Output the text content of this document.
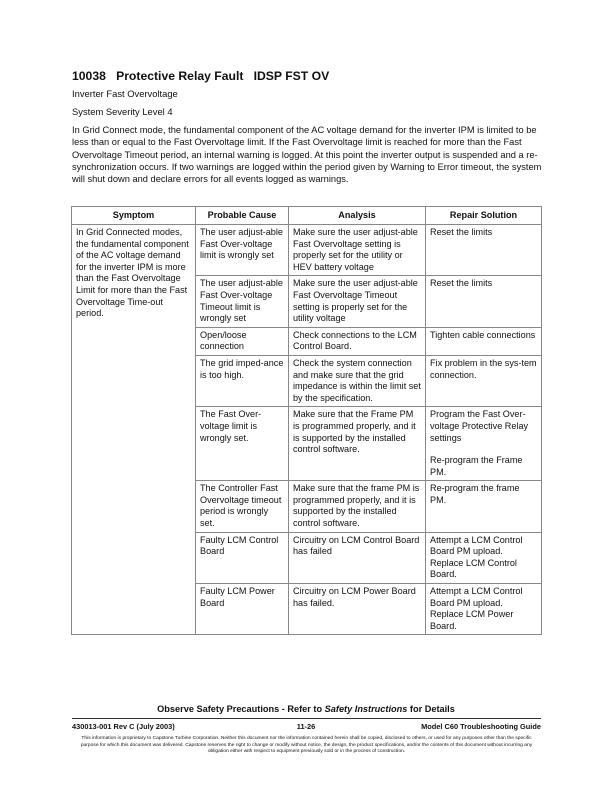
10038 Protective Relay Fault IDSP FST OV
Inverter Fast Overvoltage
System Severity Level 4
In Grid Connect mode, the fundamental component of the AC voltage demand for the inverter IPM is limited to be less than or equal to the Fast Overvoltage limit. If the Fast Overvoltage limit is reached for more than the Fast Overvoltage Timeout period, an internal warning is logged. At this point the inverter output is suspended and a re-synchronization occurs. If two warnings are logged within the period given by Warning to Error timeout, the system will shut down and declare errors for all events logged as warnings.
Symptom	Probable Cause	Analysis	Repair Solution
In Grid Connected modes, the fundamental component of the AC voltage demand for the inverter IPM is more than the Fast Overvoltage Limit for more than the Fast Overvoltage Time-out period.	The user adjust-able Fast Over-voltage limit is wrongly set	Make sure the user adjust-able Fast Overvoltage setting is properly set for the utility or HEV battery voltage	Reset the limits

	The user adjust-able Fast Over-voltage Timeout limit is wrongly set	Make sure the user adjust-able Fast Overvoltage Timeout setting is properly set for the utility voltage	Reset the limits

	Open/loose connection	Check connections to the LCM Control Board.	Tighten cable connections

	The grid imped-ance is too high.	Check the system connection and make sure that the grid impedance is within the limit set by the specification.	Fix problem in the sys-tem connection.

	The Fast Over-voltage limit is wrongly set.	Make sure that the Frame PM is programmed properly, and it is supported by the installed control software.	Program the Fast Over-voltage Protective Relay settings
Re-program the Frame PM.

	The Controller Fast Overvoltage timeout period is wrongly set.	Make sure that the frame PM is programmed properly, and it is supported by the installed control software.	Re-program the frame PM.

	Faulty LCM Control Board	Circuitry on LCM Control Board has failed	Attempt a LCM Control Board PM upload.
Replace LCM Control Board.

	Faulty LCM Power Board	Circuitry on LCM Power Board has failed.	Attempt a LCM Control Board PM upload.
Replace LCM Power Board.
Observe Safety Precautions - Refer to Safety Instructions for Details
430013-001 Rev C (July 2003)	11-26	Model C60 Troubleshooting Guide
This information is proprietary to Capstone Turbine Corporation. Neither this document nor the information contained herein shall be copied, disclosed to others, or used for any purposes other than the specific purpose for which this document was delivered. Capstone reserves the right to change or modify without notice, the design, the product specifications, and/or the contents of this document without incurring any obligation either with respect to equipment previously sold or in the process of construction.
